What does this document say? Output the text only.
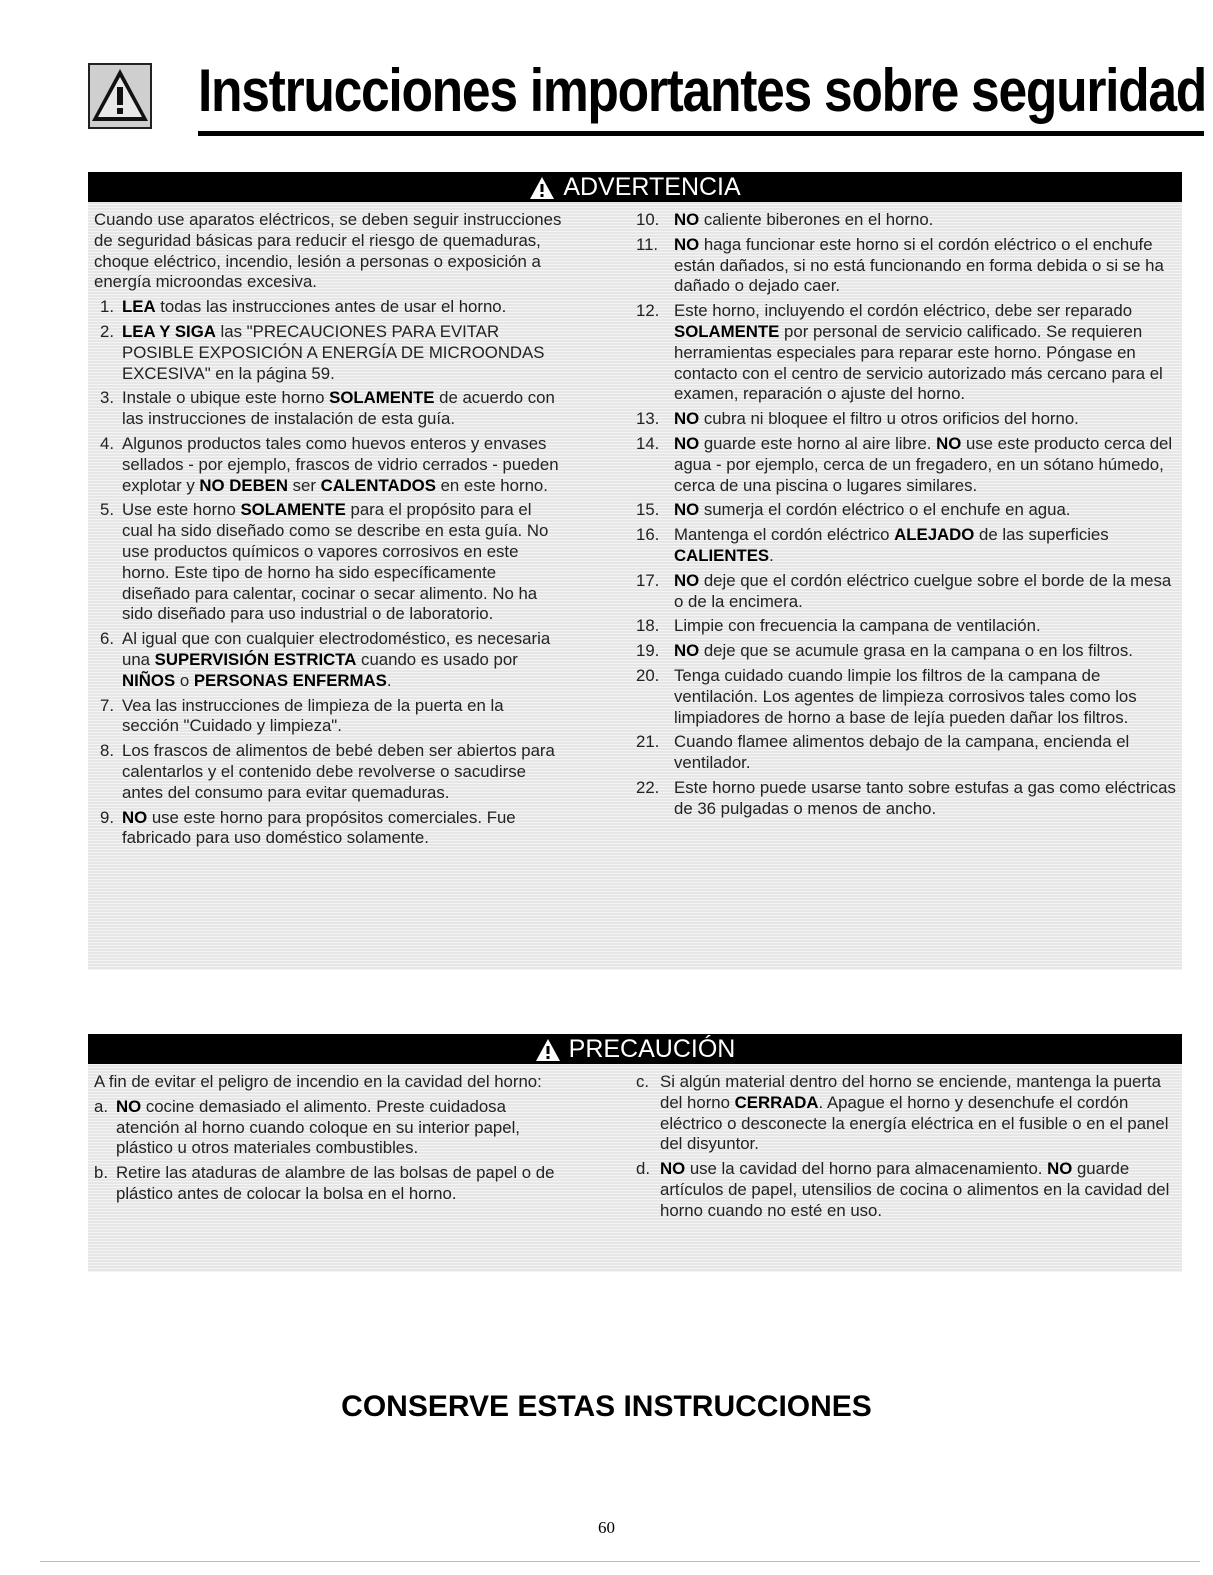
Instrucciones importantes sobre seguridad
ADVERTENCIA

Cuando use aparatos eléctricos, se deben seguir instrucciones de seguridad básicas para reducir el riesgo de quemaduras, choque eléctrico, incendio, lesión a personas o exposición a energía microondas excesiva.

1. LEA todas las instrucciones antes de usar el horno.

2. LEA Y SIGA las "PRECAUCIONES PARA EVITAR POSIBLE EXPOSICIÓN A ENERGÍA DE MICROONDAS EXCESIVA" en la página 59.

3. Instale o ubique este horno SOLAMENTE de acuerdo con las instrucciones de instalación de esta guía.

4. Algunos productos tales como huevos enteros y envases sellados - por ejemplo, frascos de vidrio cerrados - pueden explotar y NO DEBEN ser CALENTADOS en este horno.

5. Use este horno SOLAMENTE para el propósito para el cual ha sido diseñado como se describe en esta guía. No use productos químicos o vapores corrosivos en este horno. Este tipo de horno ha sido específicamente diseñado para calentar, cocinar o secar alimento. No ha sido diseñado para uso industrial o de laboratorio.

6. Al igual que con cualquier electrodoméstico, es necesaria una SUPERVISIÓN ESTRICTA cuando es usado por NIÑOS o PERSONAS ENFERMAS.

7. Vea las instrucciones de limpieza de la puerta en la sección "Cuidado y limpieza".

8. Los frascos de alimentos de bebé deben ser abiertos para calentarlos y el contenido debe revolverse o sacudirse antes del consumo para evitar quemaduras.

9. NO use este horno para propósitos comerciales. Fue fabricado para uso doméstico solamente.

10. NO caliente biberones en el horno.

11. NO haga funcionar este horno si el cordón eléctrico o el enchufe están dañados, si no está funcionando en forma debida o si se ha dañado o dejado caer.

12. Este horno, incluyendo el cordón eléctrico, debe ser reparado SOLAMENTE por personal de servicio calificado. Se requieren herramientas especiales para reparar este horno. Póngase en contacto con el centro de servicio autorizado más cercano para el examen, reparación o ajuste del horno.

13. NO cubra ni bloquee el filtro u otros orificios del horno.

14. NO guarde este horno al aire libre. NO use este producto cerca del agua - por ejemplo, cerca de un fregadero, en un sótano húmedo, cerca de una piscina o lugares similares.

15. NO sumerja el cordón eléctrico o el enchufe en agua.

16. Mantenga el cordón eléctrico ALEJADO de las superficies CALIENTES.

17. NO deje que el cordón eléctrico cuelgue sobre el borde de la mesa o de la encimera.

18. Limpie con frecuencia la campana de ventilación.

19. NO deje que se acumule grasa en la campana o en los filtros.

20. Tenga cuidado cuando limpie los filtros de la campana de ventilación. Los agentes de limpieza corrosivos tales como los limpiadores de horno a base de lejía pueden dañar los filtros.

21. Cuando flamee alimentos debajo de la campana, encienda el ventilador.

22. Este horno puede usarse tanto sobre estufas a gas como eléctricas de 36 pulgadas o menos de ancho.

PRECAUCIÓN

A fin de evitar el peligro de incendio en la cavidad del horno:

a. NO cocine demasiado el alimento. Preste cuidadosa atención al horno cuando coloque en su interior papel, plástico u otros materiales combustibles.

b. Retire las ataduras de alambre de las bolsas de papel o de plástico antes de colocar la bolsa en el horno.

c. Si algún material dentro del horno se enciende, mantenga la puerta del horno CERRADA. Apague el horno y desenchufe el cordón eléctrico o desconecte la energía eléctrica en el fusible o en el panel del disyuntor.

d. NO use la cavidad del horno para almacenamiento. NO guarde artículos de papel, utensilios de cocina o alimentos en la cavidad del horno cuando no esté en uso.

CONSERVE ESTAS INSTRUCCIONES
60
